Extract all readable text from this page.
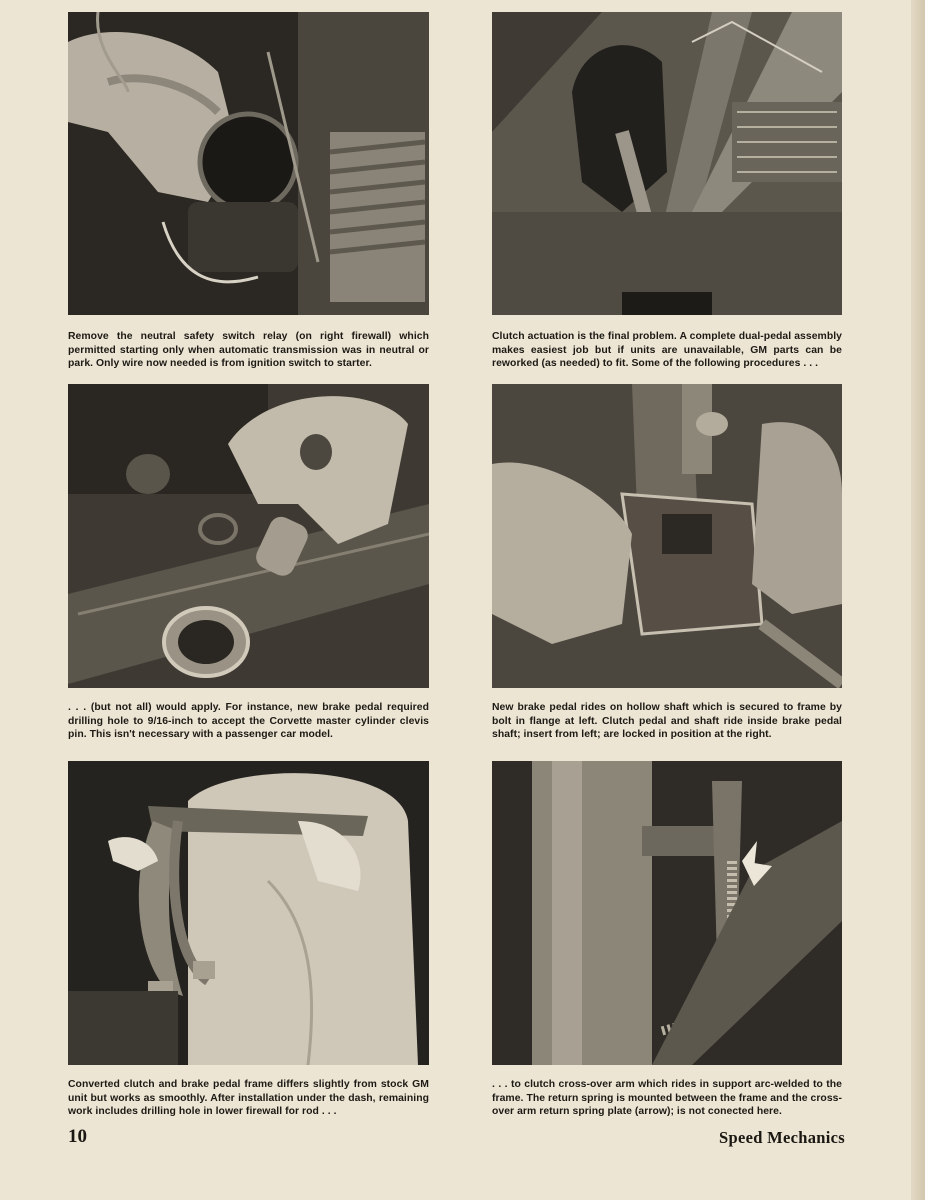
Remove the neutral safety switch relay (on right firewall) which permitted starting only when automatic transmission was in neutral or park. Only wire now needed is from ignition switch to starter.
Clutch actuation is the final problem. A complete dual-pedal assembly makes easiest job but if units are unavailable, GM parts can be reworked (as needed) to fit. Some of the following procedures . . .
. . . (but not all) would apply. For instance, new brake pedal required drilling hole to 9/16-inch to accept the Corvette master cylinder clevis pin. This isn't necessary with a passenger car model.
New brake pedal rides on hollow shaft which is secured to frame by bolt in flange at left. Clutch pedal and shaft ride inside brake pedal shaft; insert from left; are locked in position at the right.
Converted clutch and brake pedal frame differs slightly from stock GM unit but works as smoothly. After installation under the dash, remaining work includes drilling hole in lower firewall for rod . . .
. . . to clutch cross-over arm which rides in support arc-welded to the frame. The return spring is mounted between the frame and the cross-over arm return spring plate (arrow); is not conected here.
10	Speed Mechanics
